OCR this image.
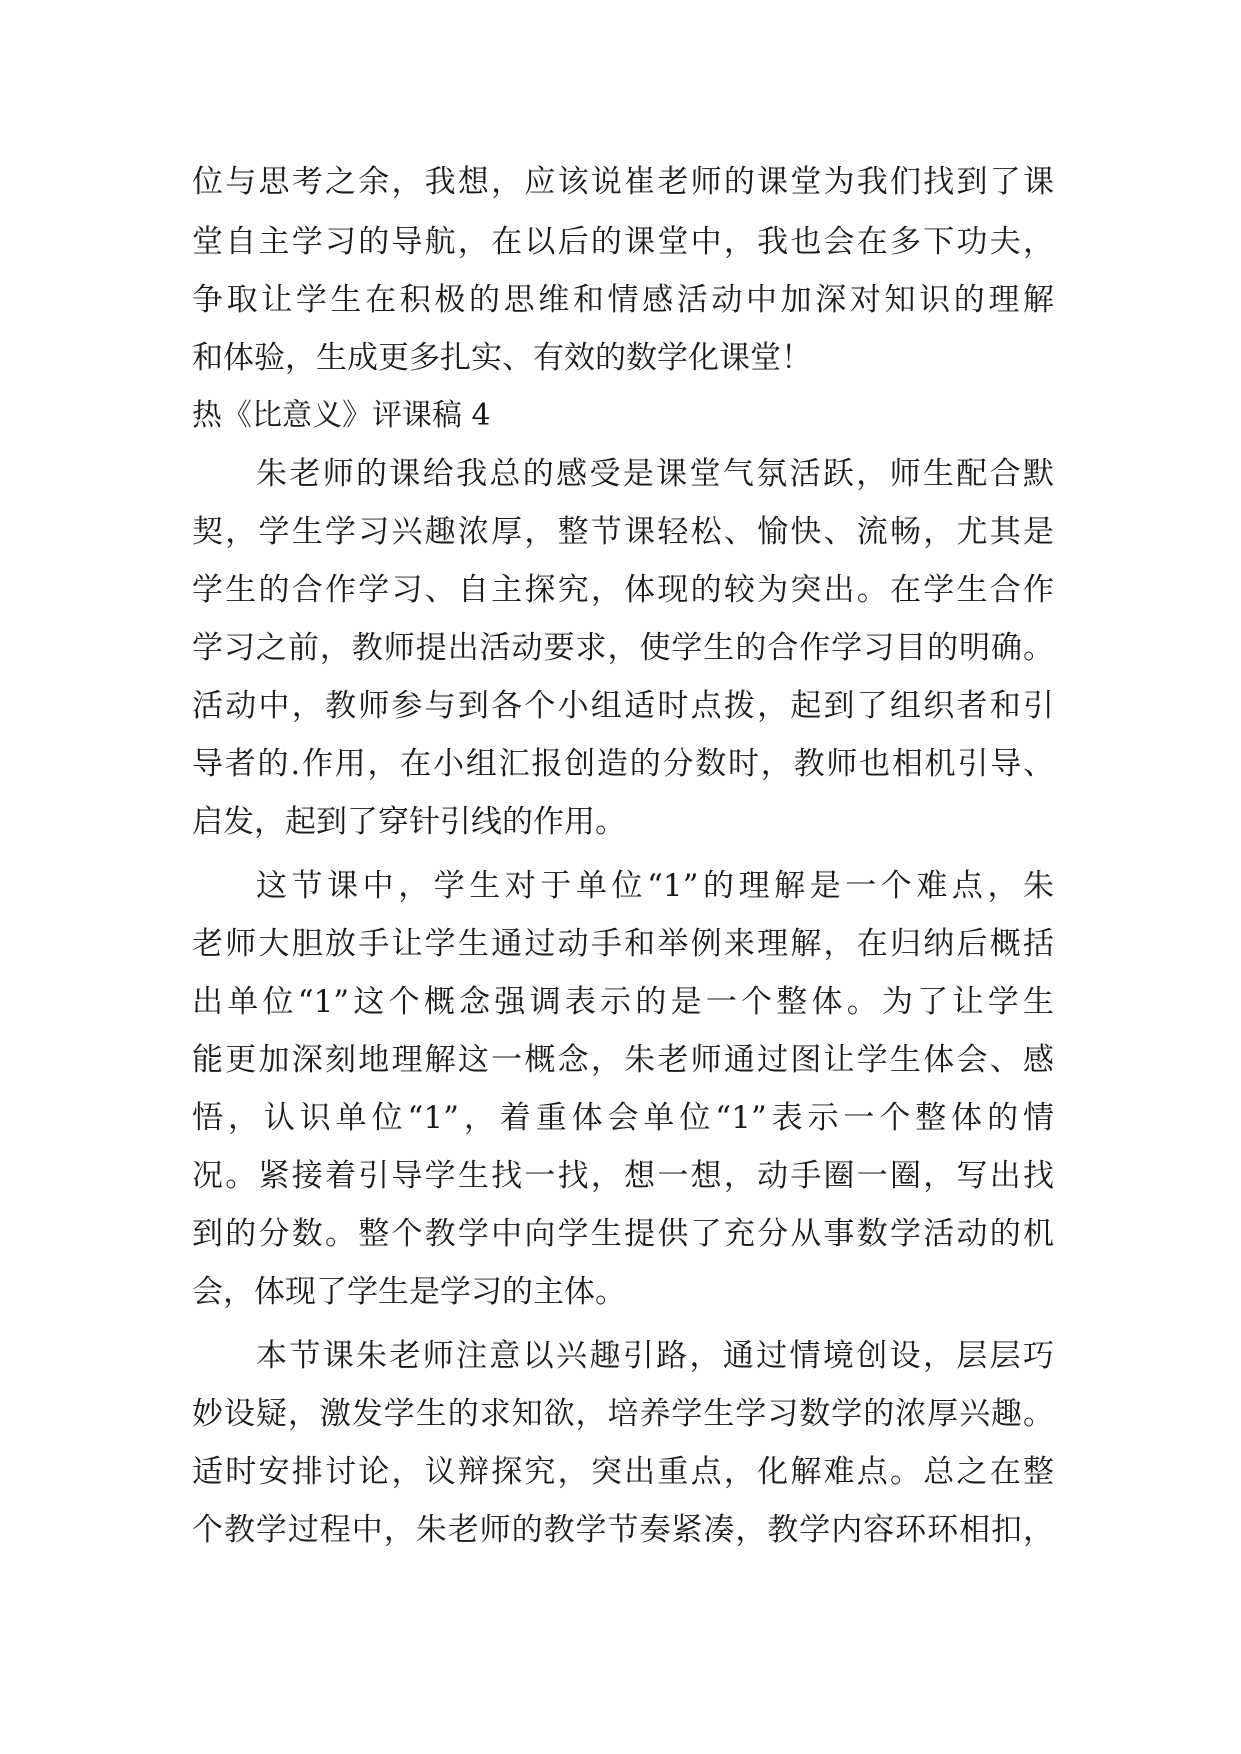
位与思考之余，我想，应该说崔老师的课堂为我们找到了课
堂自主学习的导航，在以后的课堂中，我也会在多下功夫，
争取让学生在积极的思维和情感活动中加深对知识的理解
和体验，生成更多扎实、有效的数学化课堂！
热《比意义》评课稿 4
朱老师的课给我总的感受是课堂气氛活跃，师生配合默
契，学生学习兴趣浓厚，整节课轻松、愉快、流畅，尤其是
学生的合作学习、自主探究，体现的较为突出。在学生合作
学习之前，教师提出活动要求，使学生的合作学习目的明确。
活动中，教师参与到各个小组适时点拨，起到了组织者和引
导者的.作用，在小组汇报创造的分数时，教师也相机引导、
启发，起到了穿针引线的作用。
这节课中，学生对于单位“1”的理解是一个难点，朱
老师大胆放手让学生通过动手和举例来理解，在归纳后概括
出单位“1”这个概念强调表示的是一个整体。为了让学生
能更加深刻地理解这一概念，朱老师通过图让学生体会、感
悟，认识单位“1”，着重体会单位“1”表示一个整体的情
况。紧接着引导学生找一找，想一想，动手圈一圈，写出找
到的分数。整个教学中向学生提供了充分从事数学活动的机
会，体现了学生是学习的主体。
本节课朱老师注意以兴趣引路，通过情境创设，层层巧
妙设疑，激发学生的求知欲，培养学生学习数学的浓厚兴趣。
适时安排讨论，议辩探究，突出重点，化解难点。总之在整
个教学过程中，朱老师的教学节奏紧凑，教学内容环环相扣，
